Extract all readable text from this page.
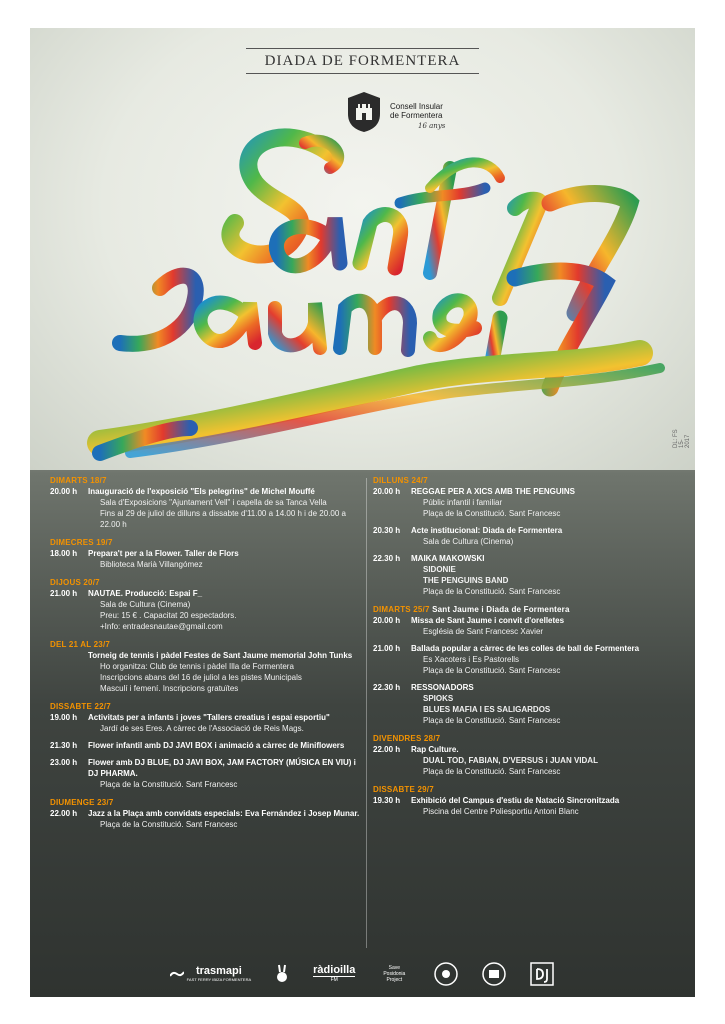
DIADA DE FORMENTERA
Consell Insular
de Formentera
16 anys
DL: FS 15-2017
DIMARTS 18/7
20.00 h	Inauguració de l'exposició "Els pelegrins" de Michel Mouffé
Sala d'Exposicions "Ajuntament Vell" i capella de sa Tanca Vella
Fins al 29 de juliol de dilluns a dissabte d'11.00 a 14.00 h i de 20.00 a 22.00 h
DIMECRES 19/7
18.00 h	Prepara't per a la Flower. Taller de Flors
Biblioteca Marià Villangómez
DIJOUS 20/7
21.00 h	NAUTAE. Producció: Espai F_
Sala de Cultura (Cinema)
Preu: 15 € . Capacitat 20 espectadors.
+Info: entradesnautae@gmail.com
DEL 21 AL 23/7
Torneig de tennis i pàdel Festes de Sant Jaume memorial John Tunks
Ho organitza: Club de tennis i pàdel Illa de Formentera
Inscripcions abans del 16 de juliol a les pistes Municipals
Masculí i femení. Inscripcions gratuïtes
DISSABTE 22/7
19.00 h	Activitats per a infants i joves "Tallers creatius i espai esportiu"
Jardí de ses Eres. A càrrec de l'Associació de Reis Mags.
21.30 h	Flower infantil amb DJ JAVI BOX i animació a càrrec de Miniflowers
23.00 h	Flower amb DJ BLUE, DJ JAVI BOX, JAM FACTORY (MÚSICA EN VIU) i DJ PHARMA.
Plaça de la Constitució. Sant Francesc
DIUMENGE 23/7
22.00 h	Jazz a la Plaça amb convidats especials: Eva Fernández i Josep Munar.
Plaça de la Constitució. Sant Francesc
DILLUNS 24/7
20.00 h	REGGAE PER A XICS AMB THE PENGUINS
Públic infantil i familiar
Plaça de la Constitució. Sant Francesc
20.30 h	Acte institucional: Diada de Formentera
Sala de Cultura (Cinema)
22.30 h	MAIKA MAKOWSKI
SIDONIE
THE PENGUINS BAND
Plaça de la Constitució. Sant Francesc
DIMARTS 25/7 Sant Jaume i Diada de Formentera
20.00 h	Missa de Sant Jaume i convit d'orelletes
Església de Sant Francesc Xavier
21.00 h	Ballada popular a càrrec de les colles de ball de Formentera
Es Xacoters i Es Pastorells
Plaça de la Constitució. Sant Francesc
22.30 h	RESSONADORS
SPIOKS
BLUES MAFIA I ES SALIGARDOS
Plaça de la Constitució. Sant Francesc
DIVENDRES 28/7
22.00 h	Rap Culture.
DUAL TOD, FABIAN, D'VERSUS i JUAN VIDAL
Plaça de la Constitució. Sant Francesc
DISSABTE 29/7
19.30 h	Exhibició del Campus d'estiu de Natació Sincronitzada
Piscina del Centre Poliesportiu Antoni Blanc
trasmapi
FAST FERRY IBIZA FORMENTERA
ràdioilla
FM
Save Posidonia Project
